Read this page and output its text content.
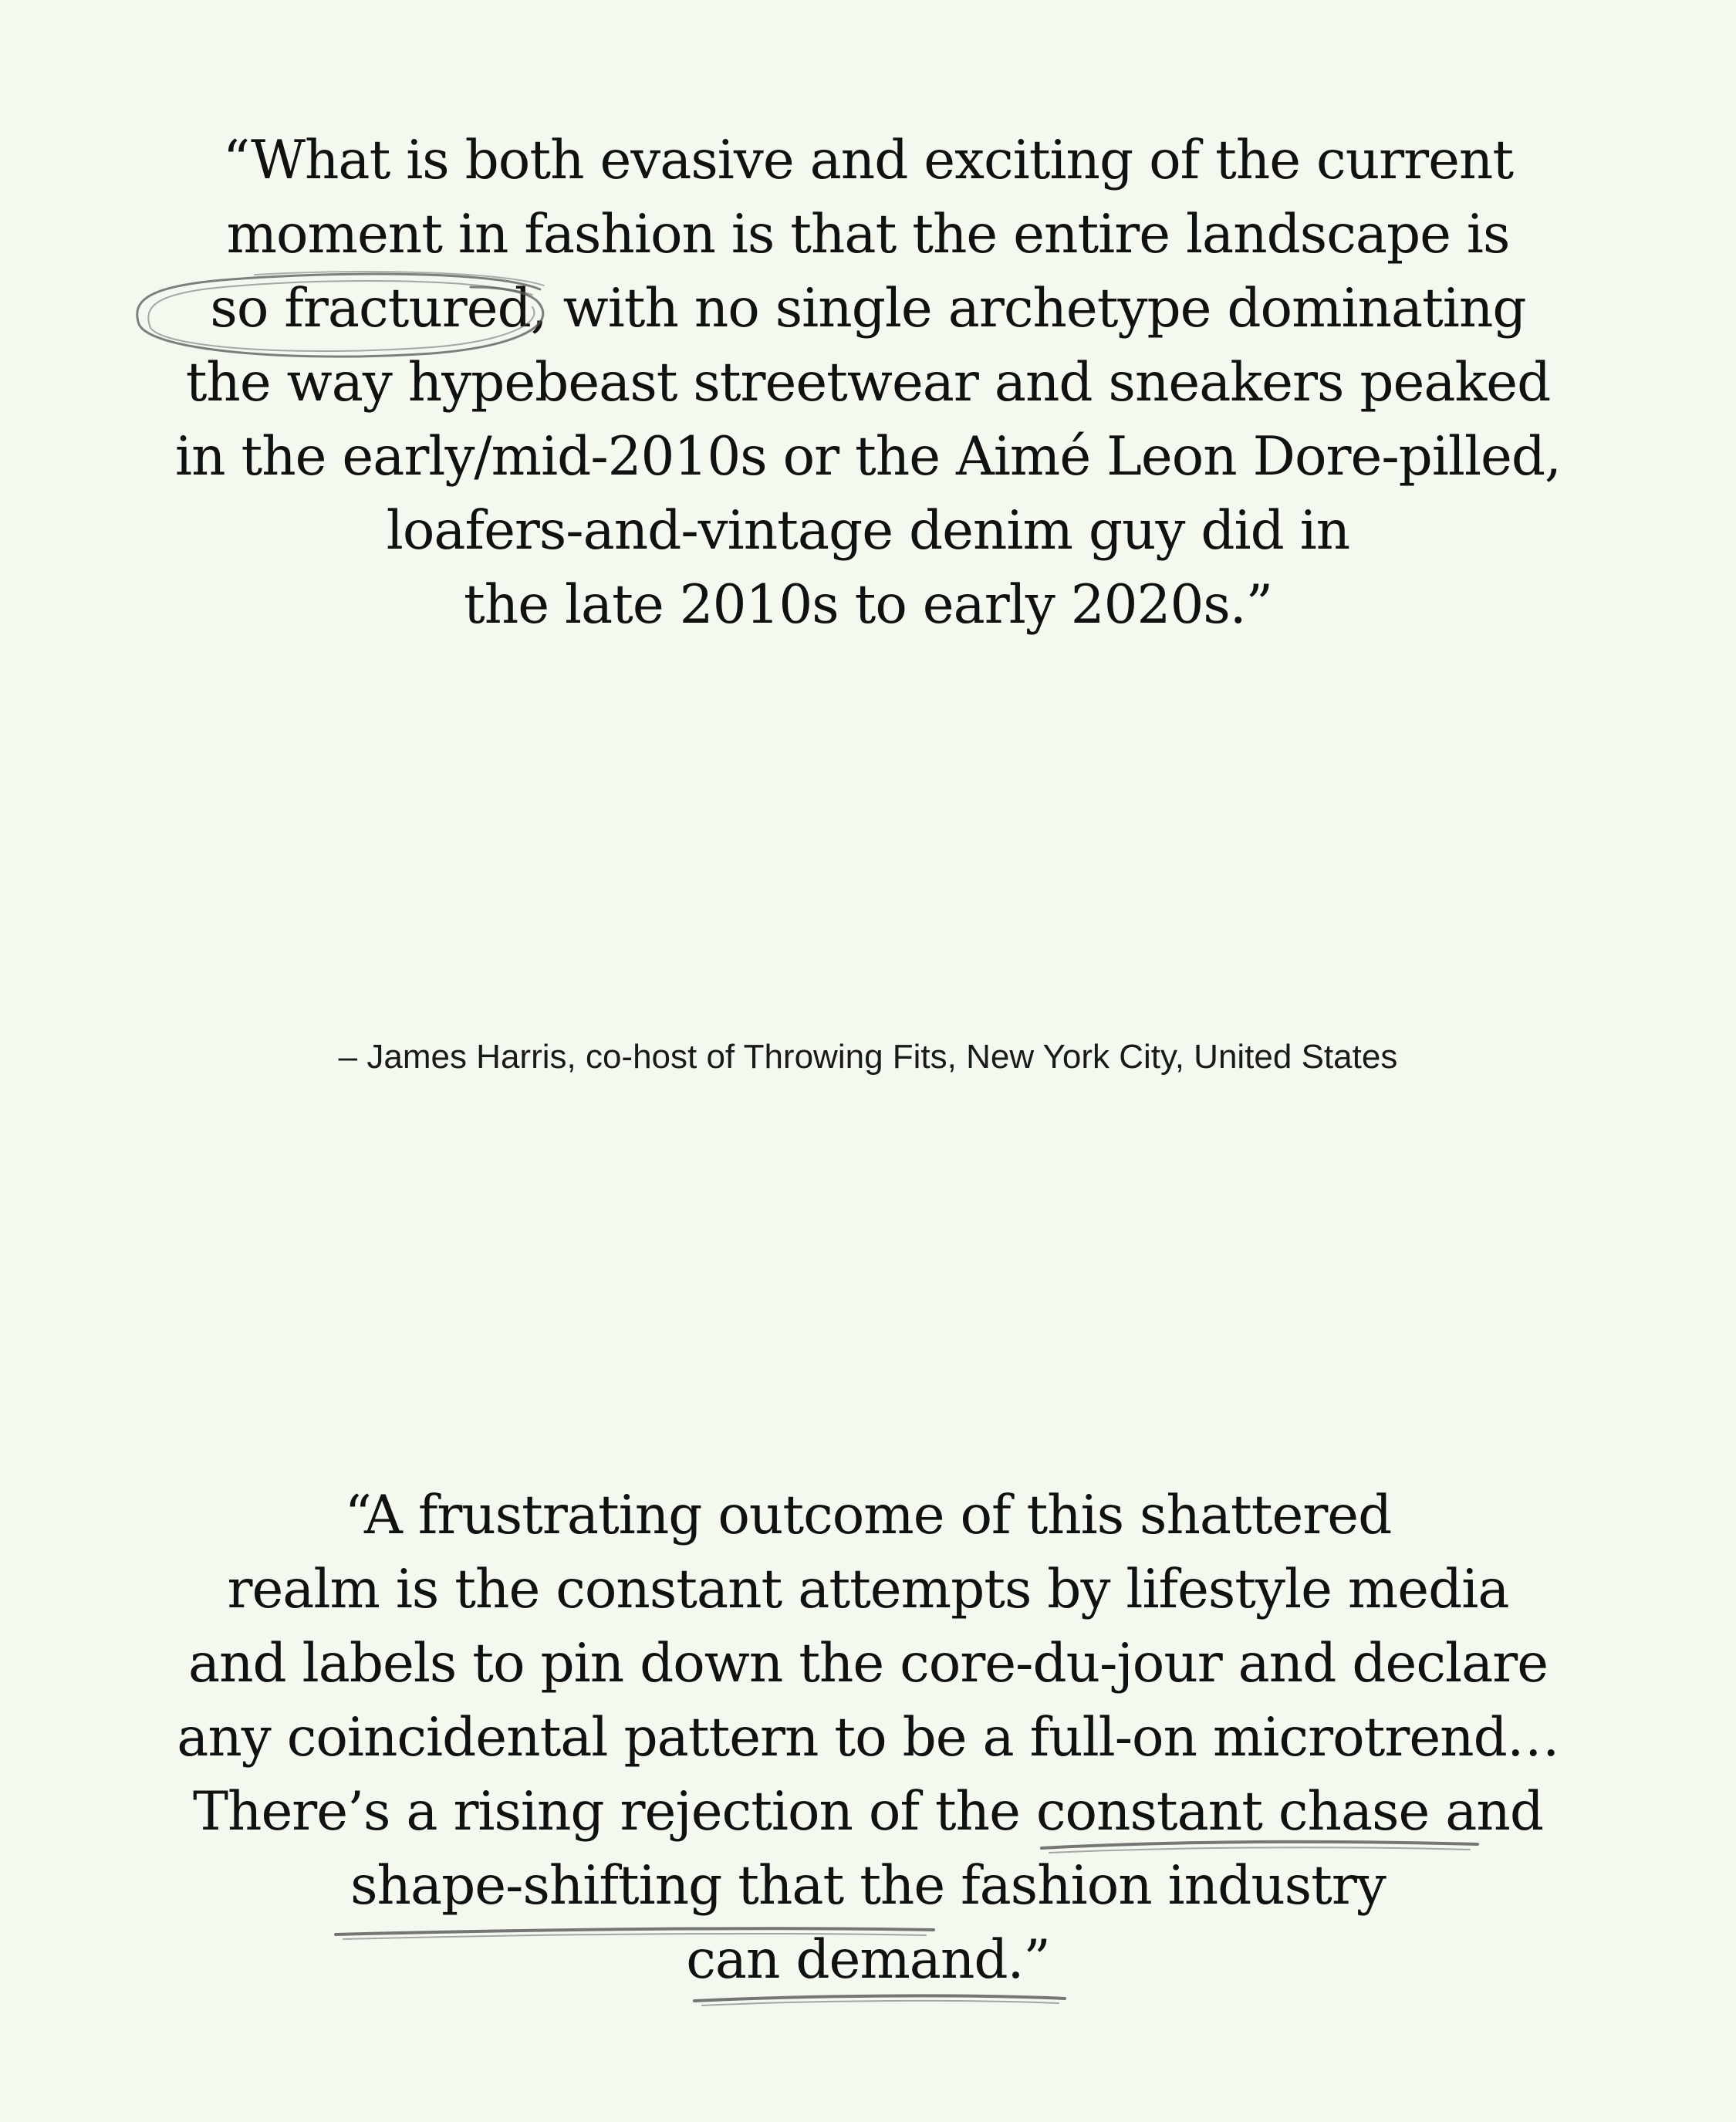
“What is both evasive and exciting of the current
moment in fashion is that the entire landscape is
so fractured, with no single archetype dominating
the way hypebeast streetwear and sneakers peaked
in the early/mid-2010s or the Aimé Leon Dore-pilled,
loafers-and-vintage denim guy did in
the late 2010s to early 2020s.”
– James Harris, co-host of Throwing Fits, New York City, United States
“A frustrating outcome of this shattered
realm is the constant attempts by lifestyle media
and labels to pin down the core-du-jour and declare
any coincidental pattern to be a full-on microtrend…
There’s a rising rejection of the constant chase and
shape-shifting that the fashion industry
can demand.”
